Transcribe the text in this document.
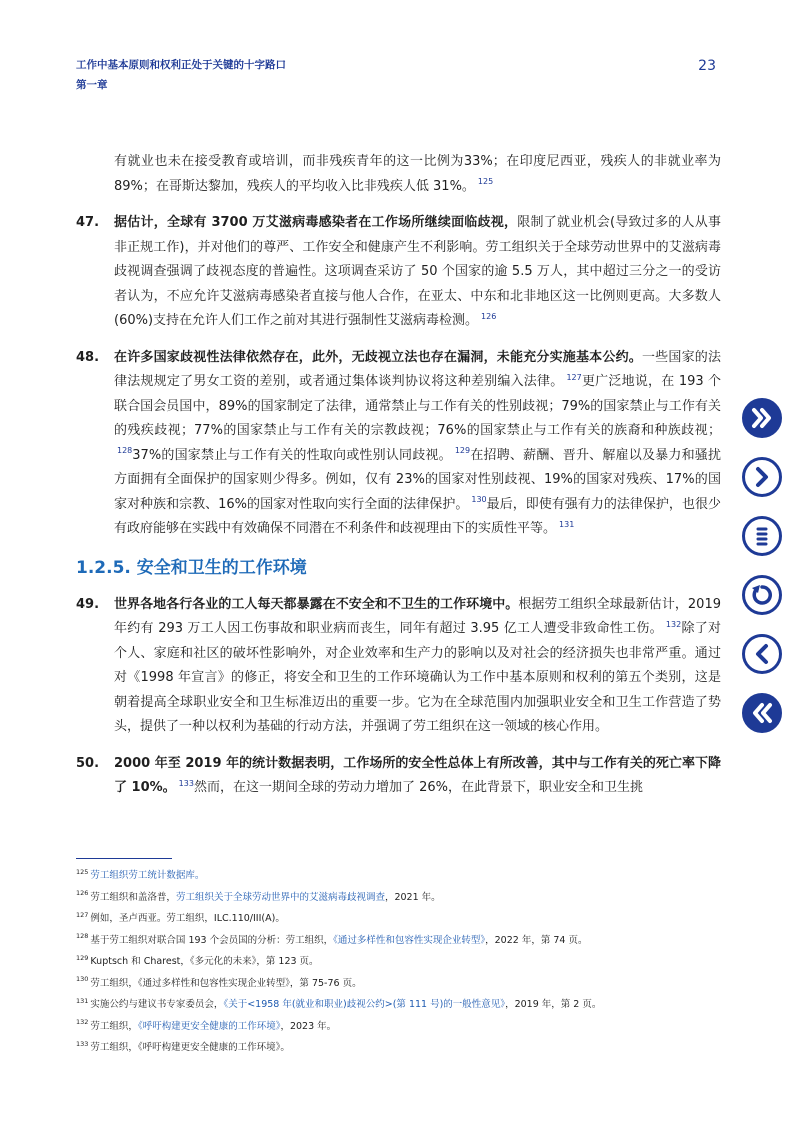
工作中基本原则和权利正处于关键的十字路口
第一章
23

有就业也未在接受教育或培训，而非残疾青年的这一比例为33%；在印度尼西亚，残疾人的非就业率为 89%；在哥斯达黎加，残疾人的平均收入比非残疾人低 31%。 $^{125}$

47. 据估计，全球有 3700 万艾滋病毒感染者在工作场所继续面临歧视，限制了就业机会(导致过多的人从事非正规工作)，并对他们的尊严、工作安全和健康产生不利影响。劳工组织关于全球劳动世界中的艾滋病毒歧视调查强调了歧视态度的普遍性。这项调查采访了 50 个国家的逾 5.5 万人，其中超过三分之一的受访者认为，不应允许艾滋病毒感染者直接与他人合作，在亚太、中东和北非地区这一比例则更高。大多数人(60%)支持在允许人们工作之前对其进行强制性艾滋病毒检测。 $^{126}$

48. 在许多国家歧视性法律依然存在，此外，无歧视立法也存在漏洞，未能充分实施基本公约。一些国家的法律法规规定了男女工资的差别，或者通过集体谈判协议将这种差别编入法律。 $^{127}$更广泛地说，在 193 个联合国会员国中，89%的国家制定了法律，通常禁止与工作有关的性别歧视；79%的国家禁止与工作有关的残疾歧视；77%的国家禁止与工作有关的宗教歧视；76%的国家禁止与工作有关的族裔和种族歧视；$^{128}$37%的国家禁止与工作有关的性取向或性别认同歧视。 $^{129}$在招聘、薪酬、晋升、解雇以及暴力和骚扰方面拥有全面保护的国家则少得多。例如，仅有 23%的国家对性别歧视、19%的国家对残疾、17%的国家对种族和宗教、16%的国家对性取向实行全面的法律保护。 $^{130}$最后，即使有强有力的法律保护，也很少有政府能够在实践中有效确保不同潜在不利条件和歧视理由下的实质性平等。 $^{131}$

1.2.5. 安全和卫生的工作环境

49. 世界各地各行各业的工人每天都暴露在不安全和不卫生的工作环境中。根据劳工组织全球最新估计，2019 年约有 293 万工人因工伤事故和职业病而丧生，同年有超过 3.95 亿工人遭受非致命性工伤。 $^{132}$除了对个人、家庭和社区的破坏性影响外，对企业效率和生产力的影响以及对社会的经济损失也非常严重。通过对《1998 年宣言》的修正，将安全和卫生的工作环境确认为工作中基本原则和权利的第五个类别，这是朝着提高全球职业安全和卫生标准迈出的重要一步。它为在全球范围内加强职业安全和卫生工作营造了势头，提供了一种以权利为基础的行动方法，并强调了劳工组织在这一领域的核心作用。

50. 2000 年至 2019 年的统计数据表明，工作场所的安全性总体上有所改善，其中与工作有关的死亡率下降了 10%。 $^{133}$然而，在这一期间全球的劳动力增加了 26%，在此背景下，职业安全和卫生挑

$^{125}$ 劳工组织劳工统计数据库。
$^{126}$ 劳工组织和盖洛普，劳工组织关于全球劳动世界中的艾滋病毒歧视调查，2021 年。
$^{127}$ 例如，圣卢西亚。劳工组织，ILC.110/III(A)。
$^{128}$ 基于劳工组织对联合国 193 个会员国的分析：劳工组织，《通过多样性和包容性实现企业转型》，2022 年，第 74 页。
$^{129}$ Kuptsch 和 Charest，《多元化的未来》，第 123 页。
$^{130}$ 劳工组织，《通过多样性和包容性实现企业转型》，第 75-76 页。
$^{131}$ 实施公约与建议书专家委员会，《关于<1958 年(就业和职业)歧视公约>(第 111 号)的一般性意见》，2019 年，第 2 页。
$^{132}$ 劳工组织，《呼吁构建更安全健康的工作环境》，2023 年。
$^{133}$ 劳工组织，《呼吁构建更安全健康的工作环境》。
